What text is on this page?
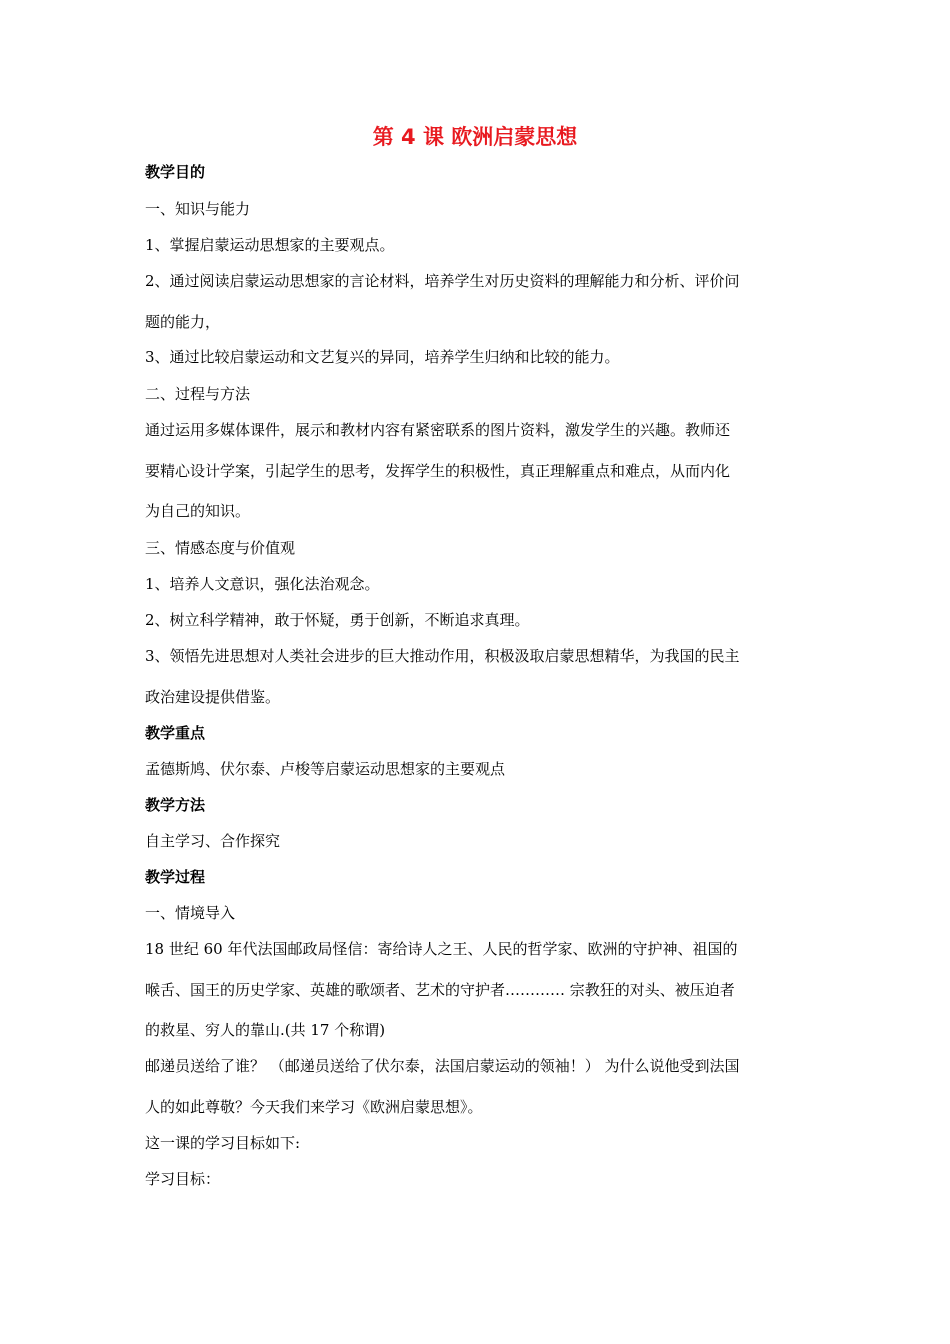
第 4 课 欧洲启蒙思想

教学目的

一、知识与能力

1、掌握启蒙运动思想家的主要观点。

2、通过阅读启蒙运动思想家的言论材料，培养学生对历史资料的理解能力和分析、评价问

题的能力，

3、通过比较启蒙运动和文艺复兴的异同，培养学生归纳和比较的能力。

二、过程与方法

通过运用多媒体课件，展示和教材内容有紧密联系的图片资料，激发学生的兴趣。教师还

要精心设计学案，引起学生的思考，发挥学生的积极性，真正理解重点和难点，从而内化

为自己的知识。

三、情感态度与价值观

1、培养人文意识，强化法治观念。

2、树立科学精神，敢于怀疑，勇于创新，不断追求真理。

3、领悟先进思想对人类社会进步的巨大推动作用，积极汲取启蒙思想精华，为我国的民主

政治建设提供借鉴。

教学重点

孟德斯鸠、伏尔泰、卢梭等启蒙运动思想家的主要观点

教学方法

自主学习、合作探究

教学过程

一、情境导入

18 世纪 60 年代法国邮政局怪信：寄给诗人之王、人民的哲学家、欧洲的守护神、祖国的

喉舌、国王的历史学家、英雄的歌颂者、艺术的守护者………… 宗教狂的对头、被压迫者

的救星、穷人的靠山.(共 17 个称谓)

邮递员送给了谁？ （邮递员送给了伏尔泰，法国启蒙运动的领袖！） 为什么说他受到法国

人的如此尊敬？今天我们来学习《欧洲启蒙思想》。

这一课的学习目标如下:

学习目标：
